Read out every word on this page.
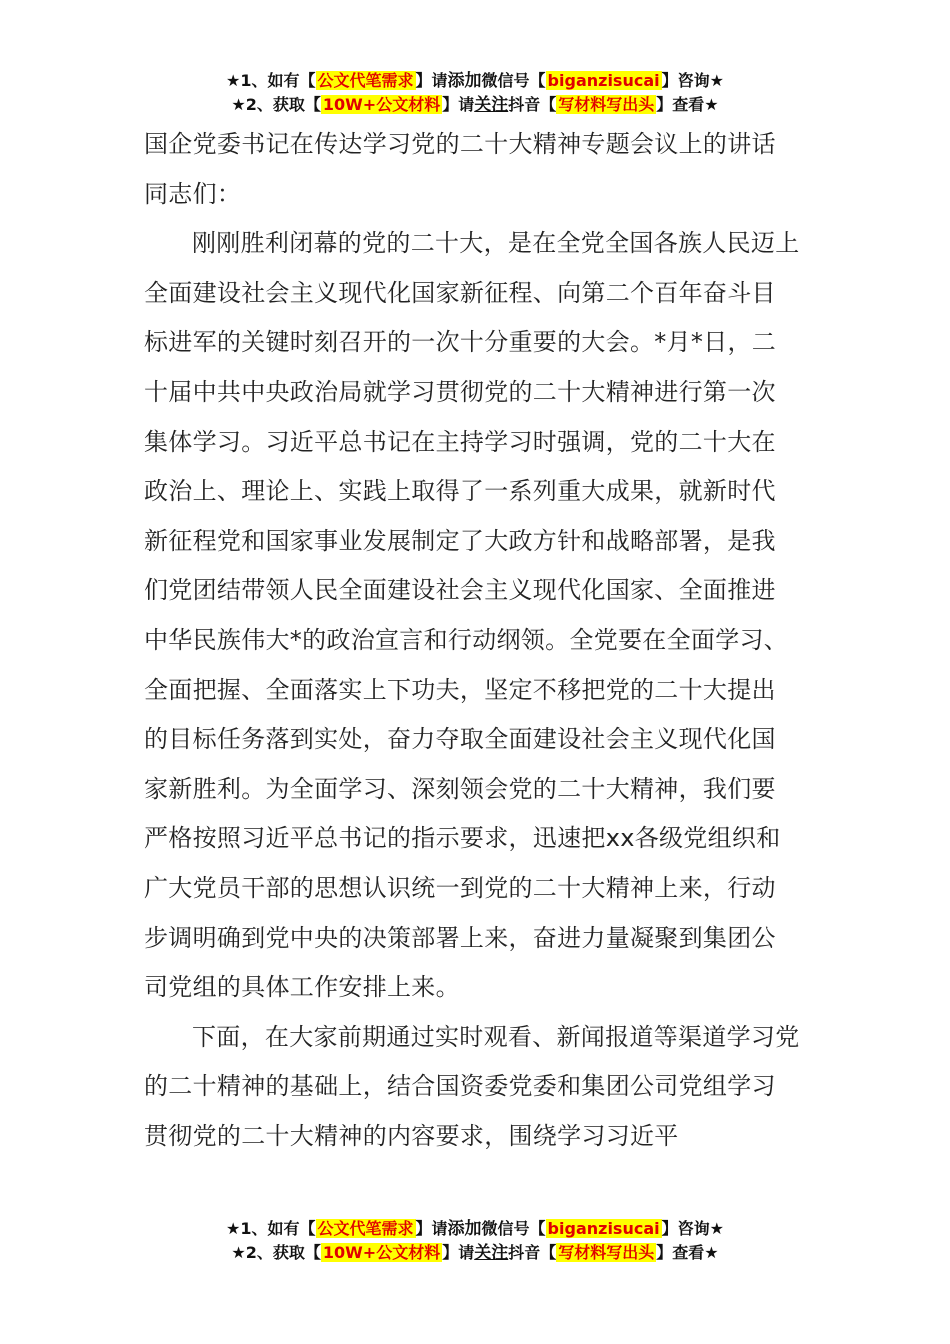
★1、如有【 公文代笔需求 】请添加微信号【 biganzisucai 】咨询★
★2、获取【 10W+公文材料 】请关注抖音【 写材料写出头 】查看★

国企党委书记在传达学习党的二十大精神专题会议上的讲话

同志们：

刚刚胜利闭幕的党的二十大，是在全党全国各族人民迈上全面建设社会主义现代化国家新征程、向第二个百年奋斗目标进军的关键时刻召开的一次十分重要的大会。*月*日，二十届中共中央政治局就学习贯彻党的二十大精神进行第一次集体学习。习近平总书记在主持学习时强调，党的二十大在政治上、理论上、实践上取得了一系列重大成果，就新时代新征程党和国家事业发展制定了大政方针和战略部署，是我们党团结带领人民全面建设社会主义现代化国家、全面推进中华民族伟大*的政治宣言和行动纲领。全党要在全面学习、全面把握、全面落实上下功夫，坚定不移把党的二十大提出的目标任务落到实处，奋力夺取全面建设社会主义现代化国家新胜利。为全面学习、深刻领会党的二十大精神，我们要严格按照习近平总书记的指示要求，迅速把xx各级党组织和广大党员干部的思想认识统一到党的二十大精神上来，行动步调明确到党中央的决策部署上来，奋进力量凝聚到集团公司党组的具体工作安排上来。

下面，在大家前期通过实时观看、新闻报道等渠道学习党的二十精神的基础上，结合国资委党委和集团公司党组学习贯彻党的二十大精神的内容要求，围绕学习习近平

★1、如有【 公文代笔需求 】请添加微信号【 biganzisucai 】咨询★
★2、获取【 10W+公文材料 】请关注抖音【 写材料写出头 】查看★
